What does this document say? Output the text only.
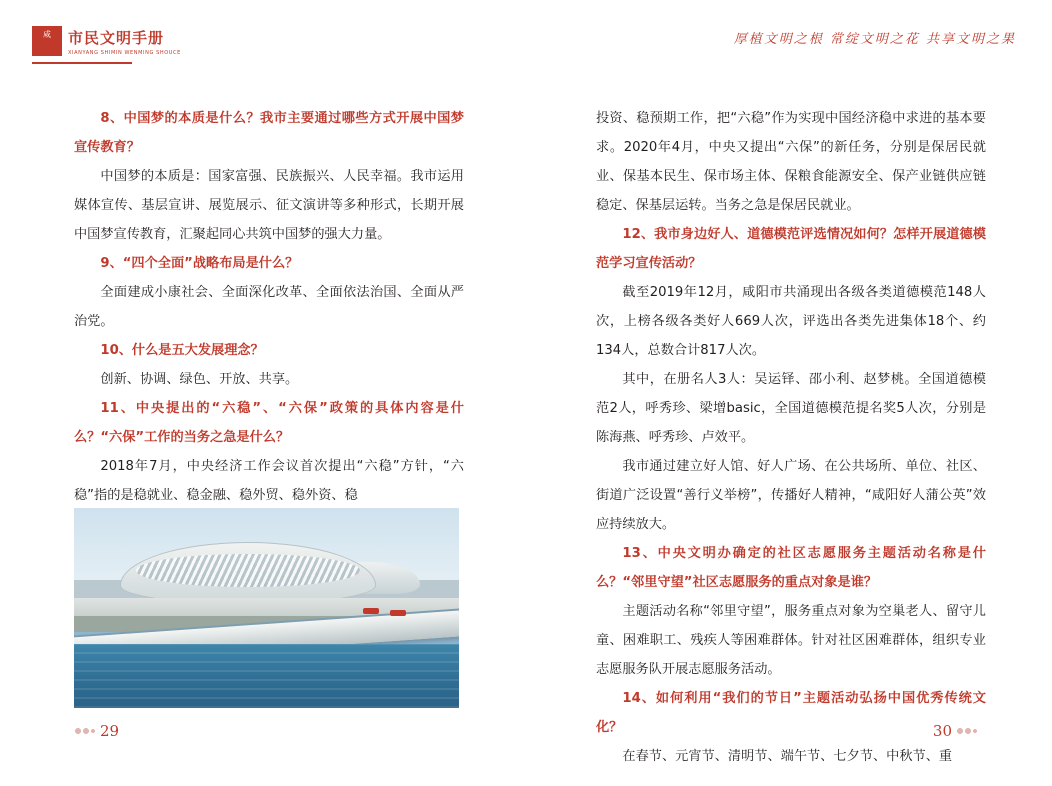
咸	市民文明手册
XIANYANG SHIMIN WENMING SHOUCE
厚植文明之根 常绽文明之花 共享文明之果

8、中国梦的本质是什么？我市主要通过哪些方式开展中国梦宣传教育？

中国梦的本质是：国家富强、民族振兴、人民幸福。我市运用媒体宣传、基层宣讲、展览展示、征文演讲等多种形式，长期开展中国梦宣传教育，汇聚起同心共筑中国梦的强大力量。

9、“四个全面”战略布局是什么？

全面建成小康社会、全面深化改革、全面依法治国、全面从严治党。

10、什么是五大发展理念？

创新、协调、绿色、开放、共享。

11、中央提出的“六稳”、“六保”政策的具体内容是什么？“六保”工作的当务之急是什么？

2018年7月，中央经济工作会议首次提出“六稳”方针，“六稳”指的是稳就业、稳金融、稳外贸、稳外资、稳

投资、稳预期工作，把“六稳”作为实现中国经济稳中求进的基本要求。2020年4月，中央又提出“六保”的新任务，分别是保居民就业、保基本民生、保市场主体、保粮食能源安全、保产业链供应链稳定、保基层运转。当务之急是保居民就业。

12、我市身边好人、道德模范评选情况如何？怎样开展道德模范学习宣传活动？

截至2019年12月，咸阳市共涌现出各级各类道德模范148人次，上榜各级各类好人669人次，评选出各类先进集体18个、约134人，总数合计817人次。

其中，在册名人3人：吴运铎、邵小利、赵梦桃。全国道德模范2人，呼秀珍、梁增basic，全国道德模范提名奖5人次，分别是陈海燕、呼秀珍、卢效平。

我市通过建立好人馆、好人广场、在公共场所、单位、社区、街道广泛设置“善行义举榜”，传播好人精神，“咸阳好人蒲公英”效应持续放大。

13、中央文明办确定的社区志愿服务主题活动名称是什么？“邻里守望”社区志愿服务的重点对象是谁？

主题活动名称“邻里守望”，服务重点对象为空巢老人、留守儿童、困难职工、残疾人等困难群体。针对社区困难群体，组织专业志愿服务队开展志愿服务活动。

14、如何利用“我们的节日”主题活动弘扬中国优秀传统文化？

在春节、元宵节、清明节、端午节、七夕节、中秋节、重

29	30
